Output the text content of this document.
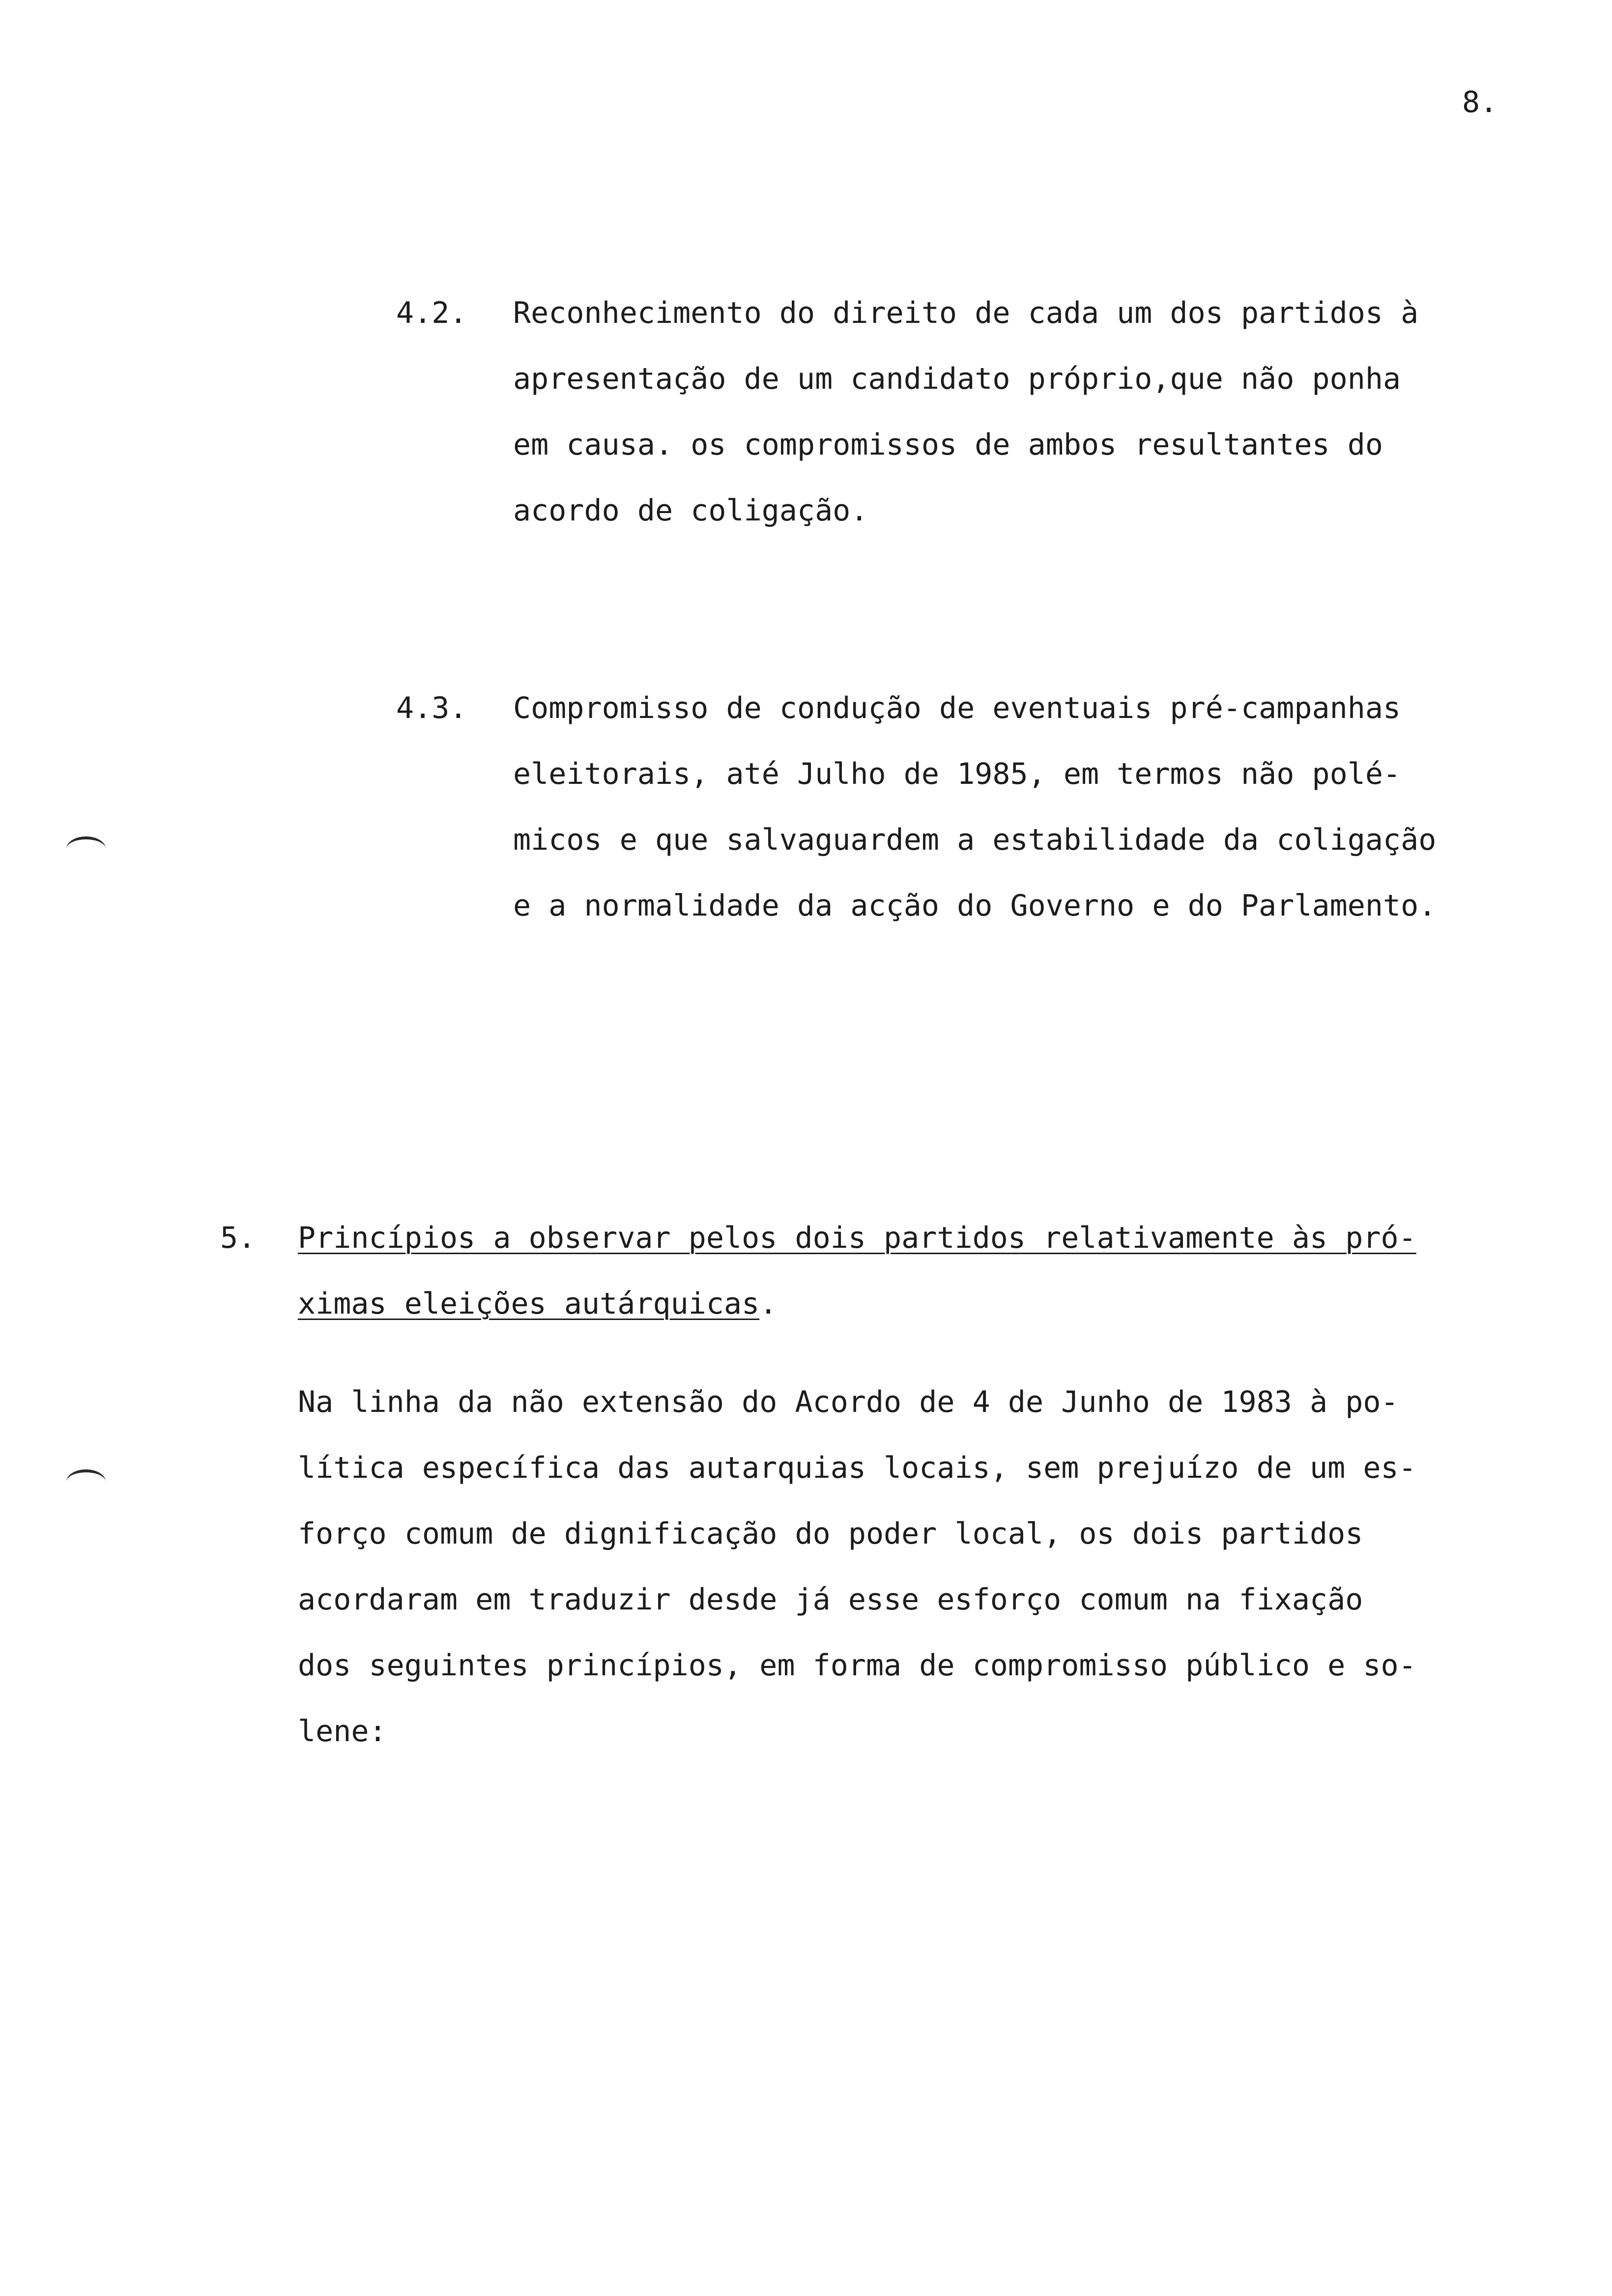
8.
4.2. Reconhecimento do direito de cada um dos partidos à
apresentação de um candidato próprio,que não ponha
em causa. os compromissos de ambos resultantes do
acordo de coligação.
4.3. Compromisso de condução de eventuais pré-campanhas
eleitorais, até Julho de 1985, em termos não polé-
micos e que salvaguardem a estabilidade da coligação
e a normalidade da acção do Governo e do Parlamento.
5. Princípios a observar pelos dois partidos relativamente às pró-
ximas eleições autárquicas.
Na linha da não extensão do Acordo de 4 de Junho de 1983 à po-
lítica específica das autarquias locais, sem prejuízo de um es-
forço comum de dignificação do poder local, os dois partidos
acordaram em traduzir desde já esse esforço comum na fixação
dos seguintes princípios, em forma de compromisso público e so-
lene:
